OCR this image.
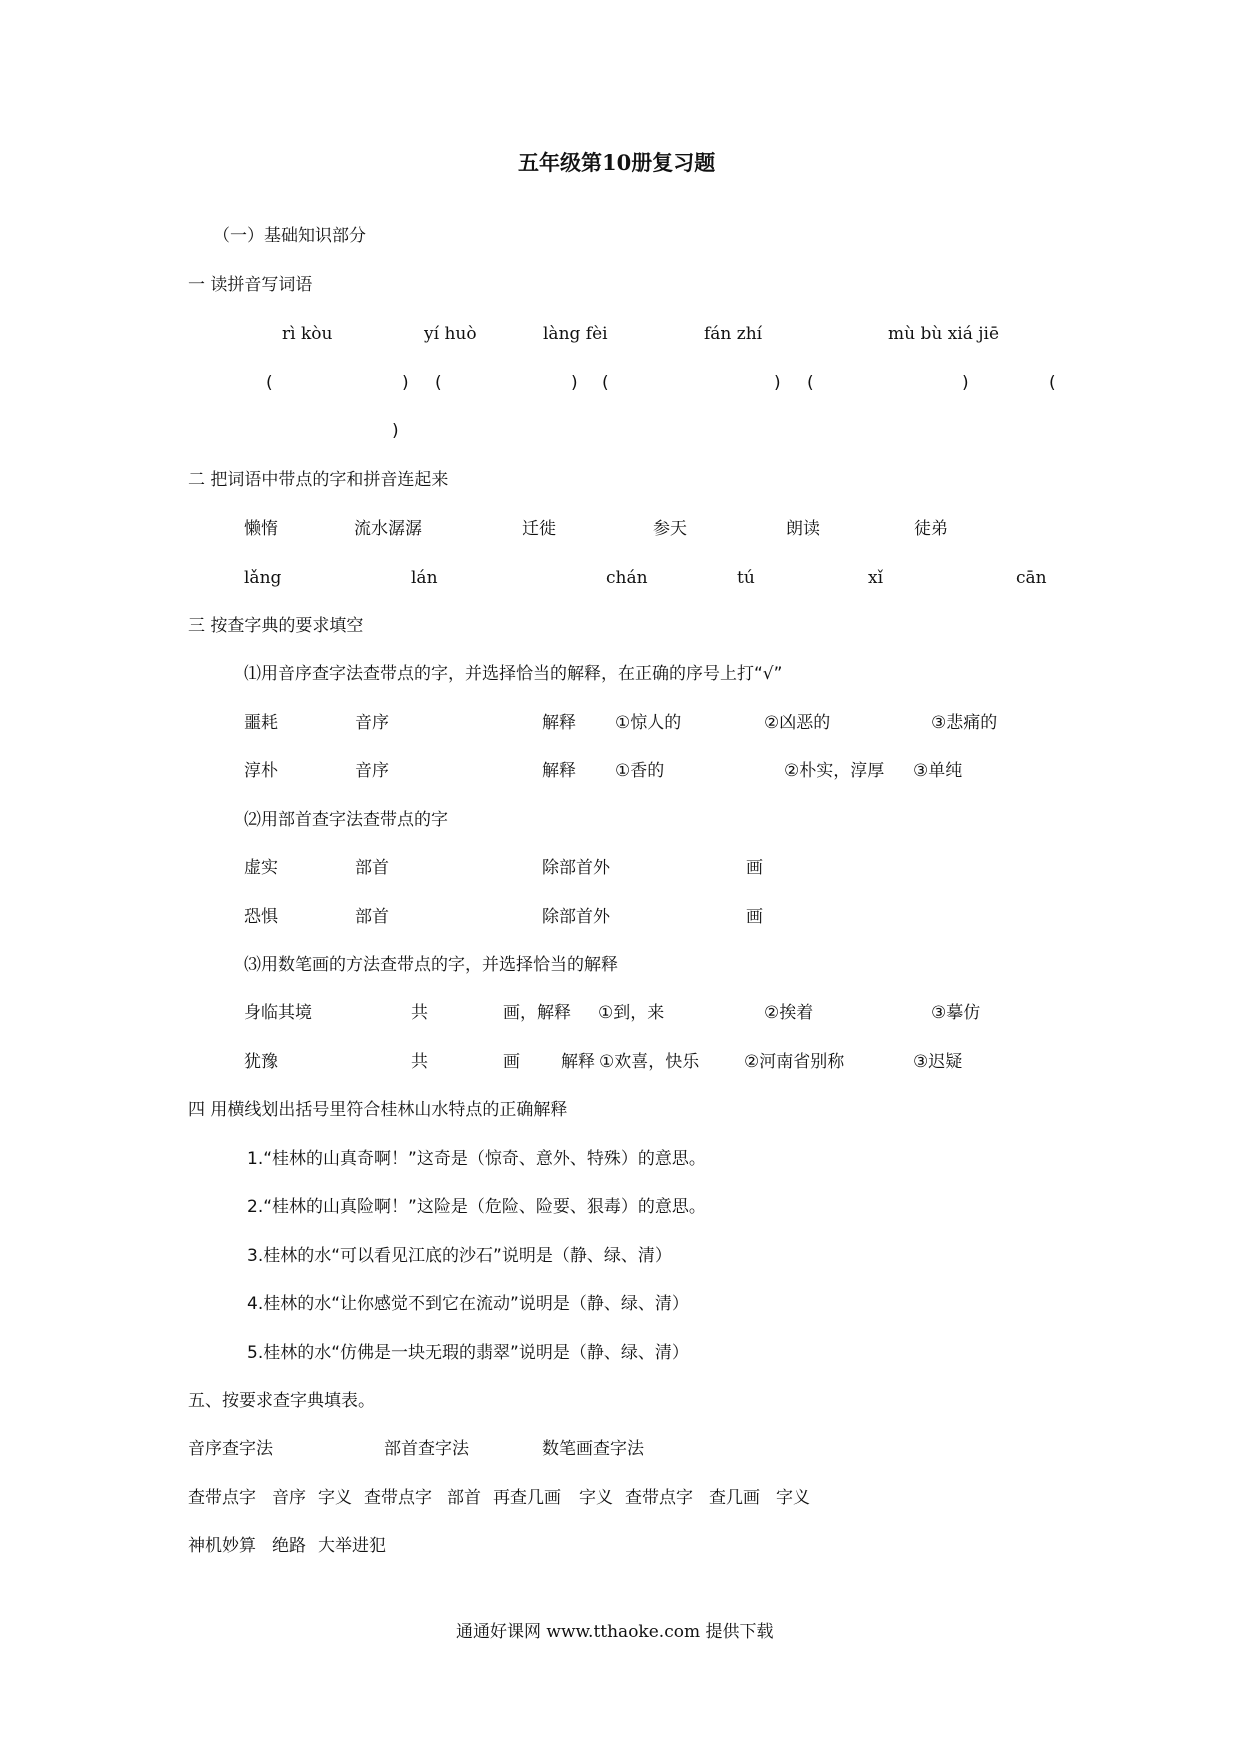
五年级第10册复习题
（一）基础知识部分
一 读拼音写词语
rì kòu	yí huò	làng fèi	fán zhí	mù bù xiá jiē
(	) (	) (	) (	)	(
)
二 把词语中带点的字和拼音连起来
懒惰	流水潺潺	迁徙	参天	朗读	徒弟
lǎng	lán	chán	tú	xǐ	cān
三 按查字典的要求填空
⑴用音序查字法查带点的字，并选择恰当的解释，在正确的序号上打“√”
噩耗	音序	解释 ①惊人的	②凶恶的	③悲痛的
淳朴	音序	解释 ①香的	②朴实，淳厚 ③单纯
⑵用部首查字法查带点的字
虚实	部首	除部首外	画
恐惧	部首	除部首外	画
⑶用数笔画的方法查带点的字，并选择恰当的解释
身临其境	共	画，解释 ①到，来	②挨着	③摹仿
犹豫	共	画 解释 ①欢喜，快乐	②河南省别称	③迟疑
四 用横线划出括号里符合桂林山水特点的正确解释
1.“桂林的山真奇啊！”这奇是（惊奇、意外、特殊）的意思。
2.“桂林的山真险啊！”这险是（危险、险要、狠毒）的意思。
3.桂林的水“可以看见江底的沙石”说明是（静、绿、清）
4.桂林的水“让你感觉不到它在流动”说明是（静、绿、清）
5.桂林的水“仿佛是一块无瑕的翡翠”说明是（静、绿、清）
五、按要求查字典填表。
音序查字法	部首查字法	数笔画查字法
查带点字 音序 字义 查带点字 部首 再查几画 字义 查带点字 查几画 字义
神机妙算 绝路 大举进犯
通通好课网 www.tthaoke.com 提供下载
